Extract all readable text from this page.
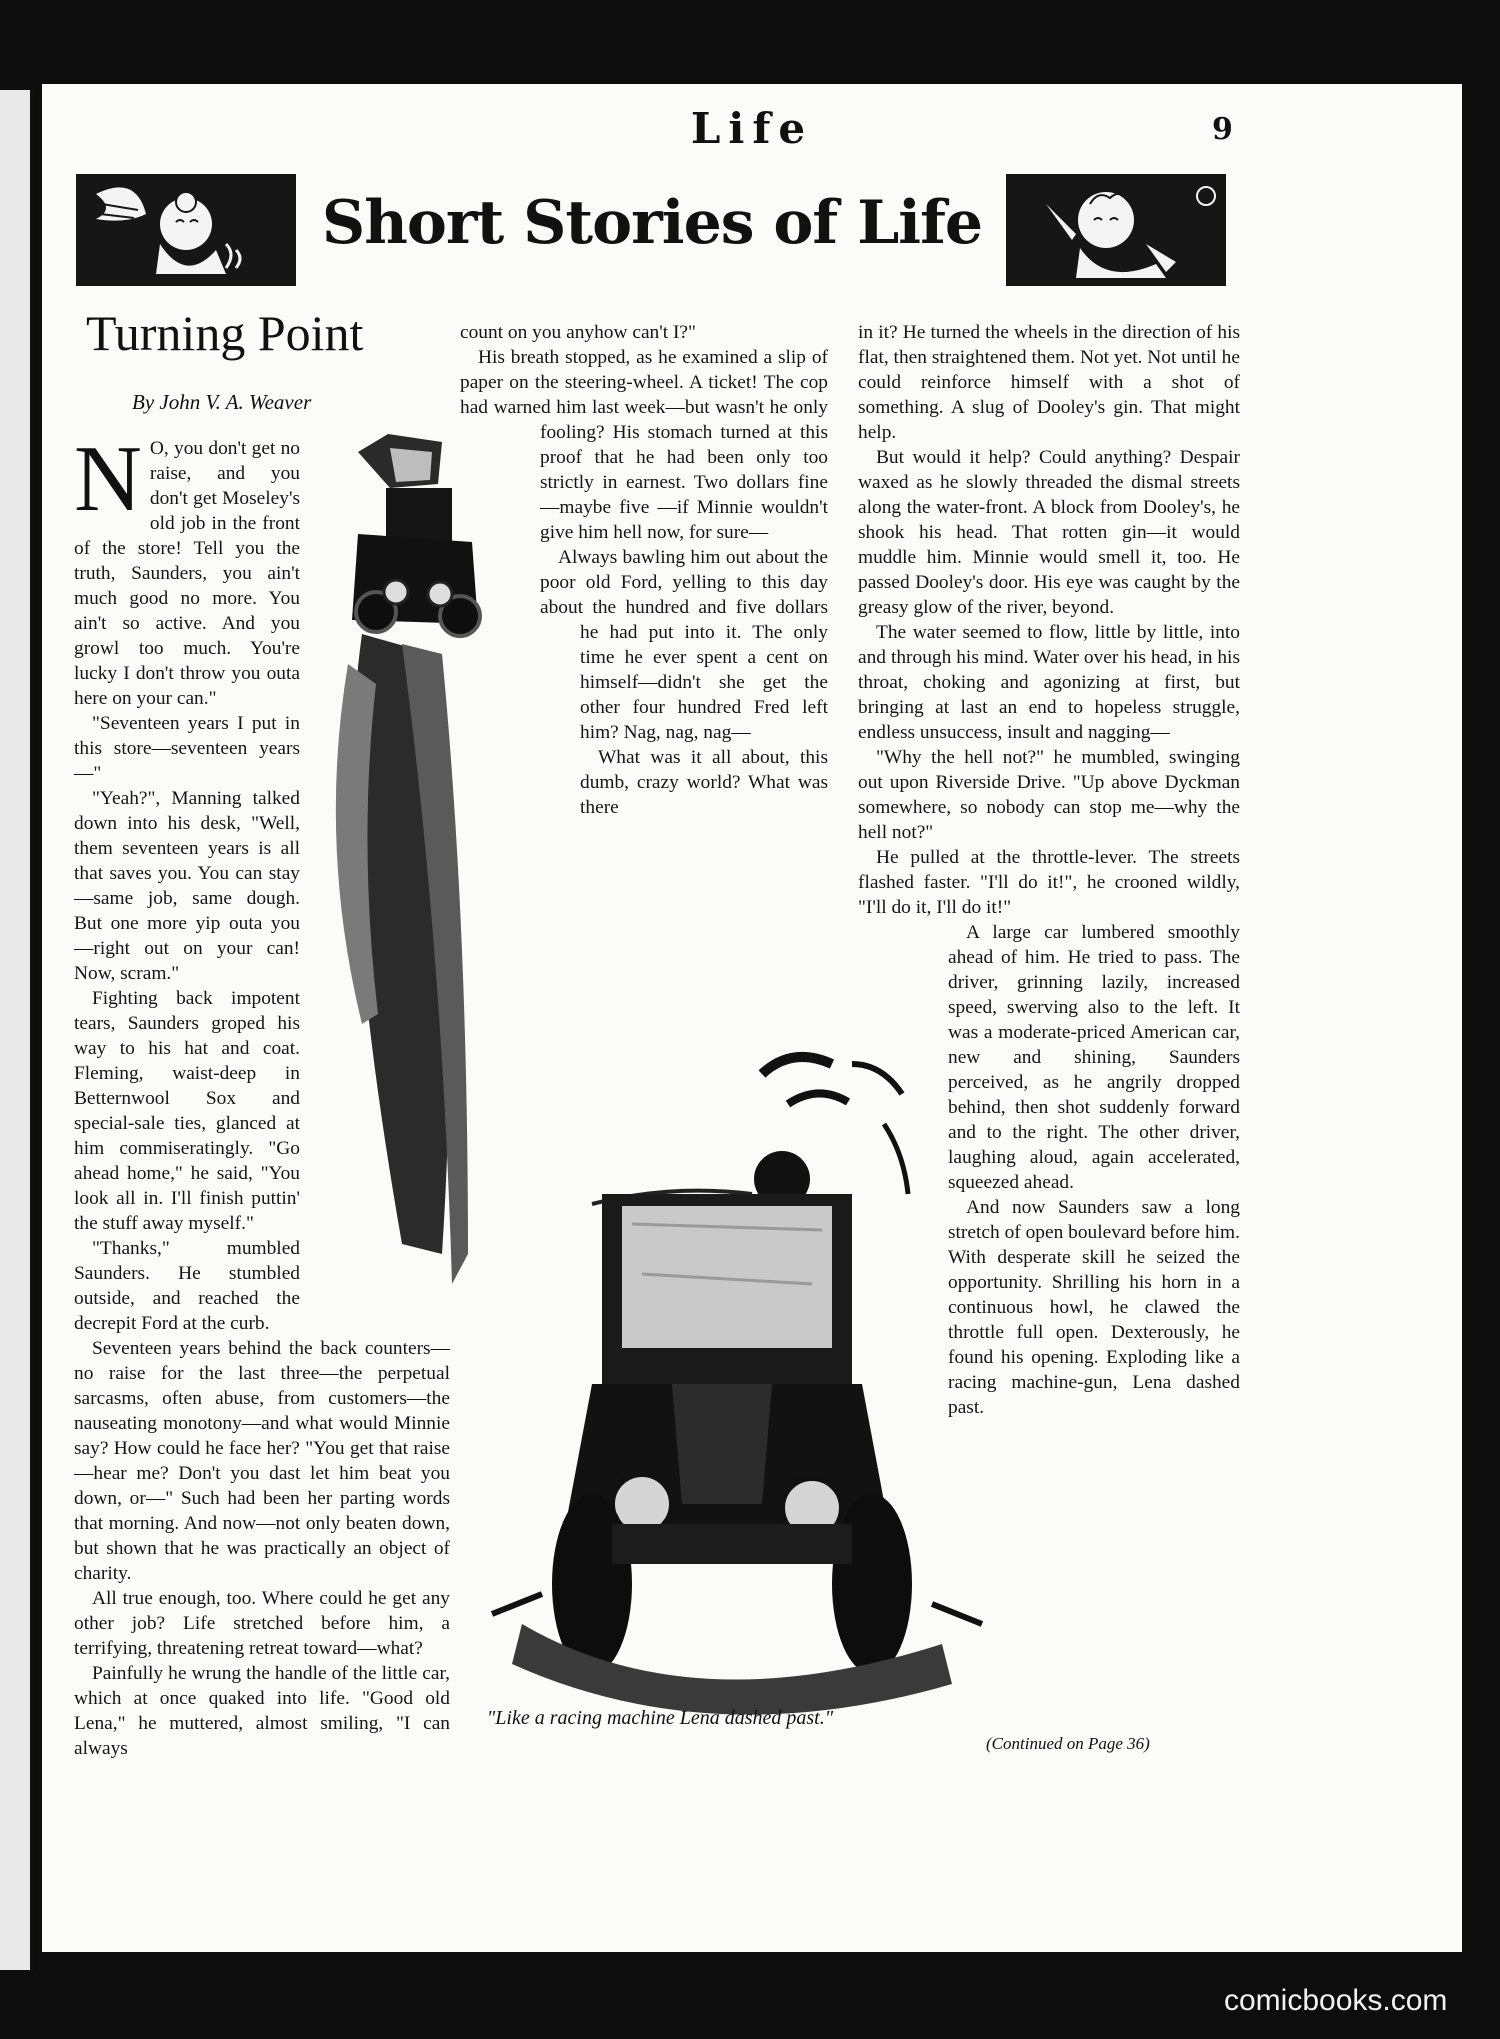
Life	9
Short Stories of Life
Turning Point
By John V. A. Weaver
N O, you don't get no raise, and you don't get Moseley's old job in the front of the store! Tell you the truth, Saunders, you ain't much good no more. You ain't so active. And you growl too much. You're lucky I don't throw you outa here on your can."

"Seventeen years I put in this store—seventeen years—"

"Yeah?", Manning talked down into his desk, "Well, them seventeen years is all that saves you. You can stay—same job, same dough. But one more yip outa you—right out on your can! Now, scram."

Fighting back impotent tears, Saunders groped his way to his hat and coat. Fleming, waist-deep in Betternwool Sox and special-sale ties, glanced at him commiseratingly. "Go ahead home," he said, "You look all in. I'll finish puttin' the stuff away myself."

"Thanks," mumbled Saunders. He stumbled outside, and reached the decrepit Ford at the curb.

Seventeen years behind the back counters—no raise for the last three—the perpetual sarcasms, often abuse, from customers—the nauseating monotony—and what would Minnie say? How could he face her? "You get that raise—hear me? Don't you dast let him beat you down, or—" Such had been her parting words that morning. And now—not only beaten down, but shown that he was practically an object of charity.

All true enough, too. Where could he get any other job? Life stretched before him, a terrifying, threatening retreat toward—what?

Painfully he wrung the handle of the little car, which at once quaked into life. "Good old Lena," he muttered, almost smiling, "I can always

count on you anyhow can't I?"

His breath stopped, as he examined a slip of paper on the steering-wheel. A ticket! The cop had warned him last week—but wasn't he only fooling? His stomach turned at this proof that he had been only too strictly in earnest. Two dollars fine—maybe five —if Minnie wouldn't give him hell now, for sure—

Always bawling him out about the poor old Ford, yelling to this day about the hundred and five dollars he had put into it. The only time he ever spent a cent on himself—didn't she get the other four hundred Fred left him? Nag, nag, nag—

What was it all about, this dumb, crazy world? What was there

in it? He turned the wheels in the direction of his flat, then straightened them. Not yet. Not until he could reinforce himself with a shot of something. A slug of Dooley's gin. That might help.

But would it help? Could anything? Despair waxed as he slowly threaded the dismal streets along the water-front. A block from Dooley's, he shook his head. That rotten gin—it would muddle him. Minnie would smell it, too. He passed Dooley's door. His eye was caught by the greasy glow of the river, beyond.

The water seemed to flow, little by little, into and through his mind. Water over his head, in his throat, choking and agonizing at first, but bringing at last an end to hopeless struggle, endless unsuccess, insult and nagging—

"Why the hell not?" he mumbled, swinging out upon Riverside Drive. "Up above Dyckman somewhere, so nobody can stop me—why the hell not?"

He pulled at the throttle-lever. The streets flashed faster. "I'll do it!", he crooned wildly, "I'll do it, I'll do it!"

A large car lumbered smoothly ahead of him. He tried to pass. The driver, grinning lazily, increased speed, swerving also to the left. It was a moderate-priced American car, new and shining, Saunders perceived, as he angrily dropped behind, then shot suddenly forward and to the right. The other driver, laughing aloud, again accelerated, squeezed ahead.

And now Saunders saw a long stretch of open boulevard before him. With desperate skill he seized the opportunity. Shrilling his horn in a continuous howl, he clawed the throttle full open. Dexterously, he found his opening. Exploding like a racing machine-gun, Lena dashed past.

"Like a racing machine Lena dashed past."
(Continued on Page 36)
comicbooks.com
